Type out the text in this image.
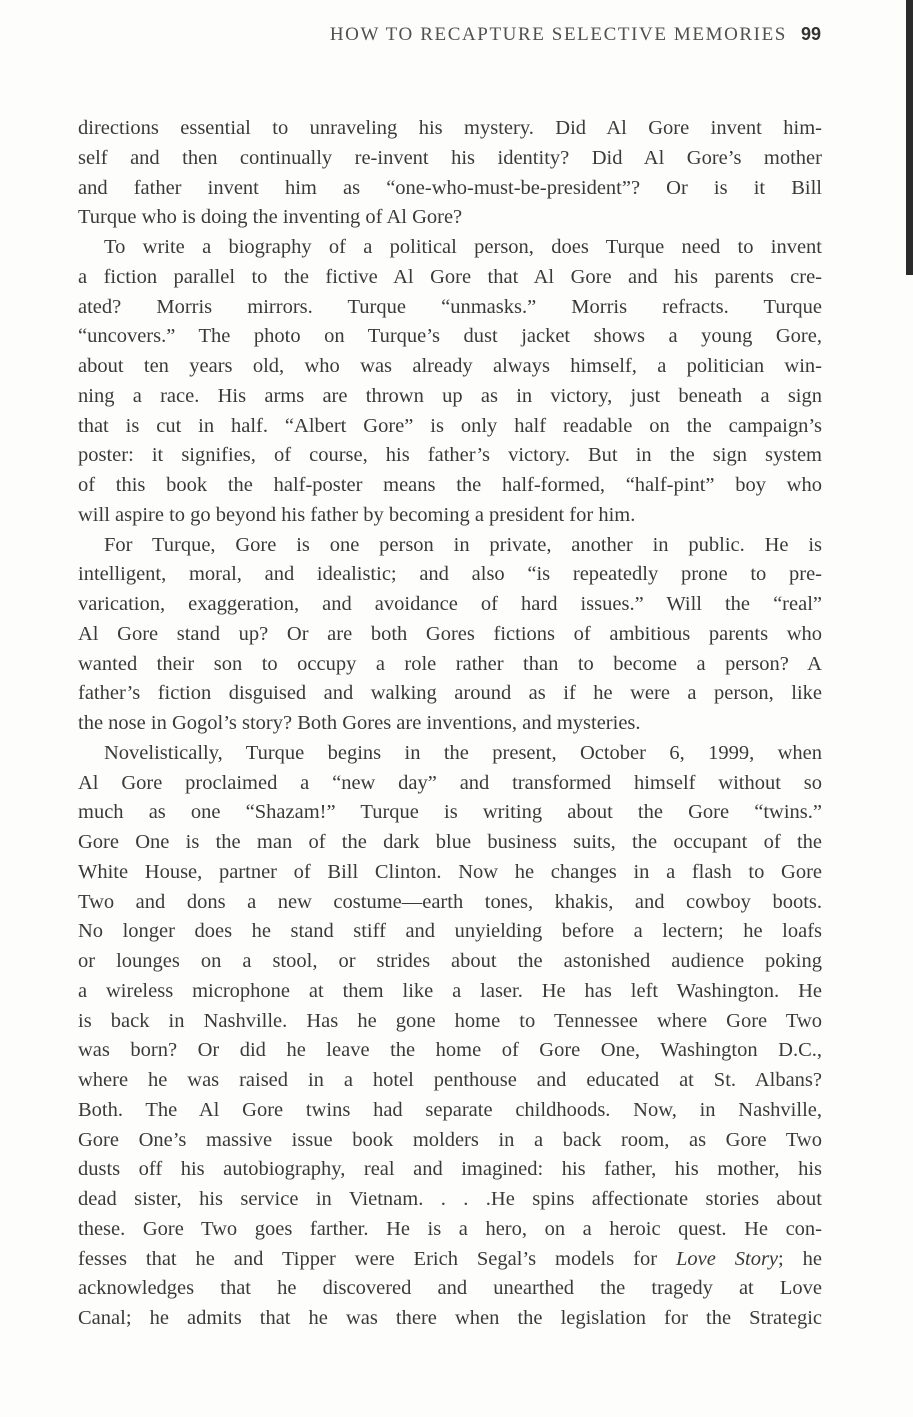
HOW TO RECAPTURE SELECTIVE MEMORIES 99
directions essential to unraveling his mystery. Did Al Gore invent him-
self and then continually re-invent his identity? Did Al Gore’s mother
and father invent him as “one-who-must-be-president”? Or is it Bill
Turque who is doing the inventing of Al Gore?
To write a biography of a political person, does Turque need to invent
a fiction parallel to the fictive Al Gore that Al Gore and his parents cre-
ated? Morris mirrors. Turque “unmasks.” Morris refracts. Turque
“uncovers.” The photo on Turque’s dust jacket shows a young Gore,
about ten years old, who was already always himself, a politician win-
ning a race. His arms are thrown up as in victory, just beneath a sign
that is cut in half. “Albert Gore” is only half readable on the campaign’s
poster: it signifies, of course, his father’s victory. But in the sign system
of this book the half-poster means the half-formed, “half-pint” boy who
will aspire to go beyond his father by becoming a president for him.
For Turque, Gore is one person in private, another in public. He is
intelligent, moral, and idealistic; and also “is repeatedly prone to pre-
varication, exaggeration, and avoidance of hard issues.” Will the “real”
Al Gore stand up? Or are both Gores fictions of ambitious parents who
wanted their son to occupy a role rather than to become a person? A
father’s fiction disguised and walking around as if he were a person, like
the nose in Gogol’s story? Both Gores are inventions, and mysteries.
Novelistically, Turque begins in the present, October 6, 1999, when
Al Gore proclaimed a “new day” and transformed himself without so
much as one “Shazam!” Turque is writing about the Gore “twins.”
Gore One is the man of the dark blue business suits, the occupant of the
White House, partner of Bill Clinton. Now he changes in a flash to Gore
Two and dons a new costume—earth tones, khakis, and cowboy boots.
No longer does he stand stiff and unyielding before a lectern; he loafs
or lounges on a stool, or strides about the astonished audience poking
a wireless microphone at them like a laser. He has left Washington. He
is back in Nashville. Has he gone home to Tennessee where Gore Two
was born? Or did he leave the home of Gore One, Washington D.C.,
where he was raised in a hotel penthouse and educated at St. Albans?
Both. The Al Gore twins had separate childhoods. Now, in Nashville,
Gore One’s massive issue book molders in a back room, as Gore Two
dusts off his autobiography, real and imagined: his father, his mother, his
dead sister, his service in Vietnam. . . .He spins affectionate stories about
these. Gore Two goes farther. He is a hero, on a heroic quest. He con-
fesses that he and Tipper were Erich Segal’s models for Love Story; he
acknowledges that he discovered and unearthed the tragedy at Love
Canal; he admits that he was there when the legislation for the Strategic
